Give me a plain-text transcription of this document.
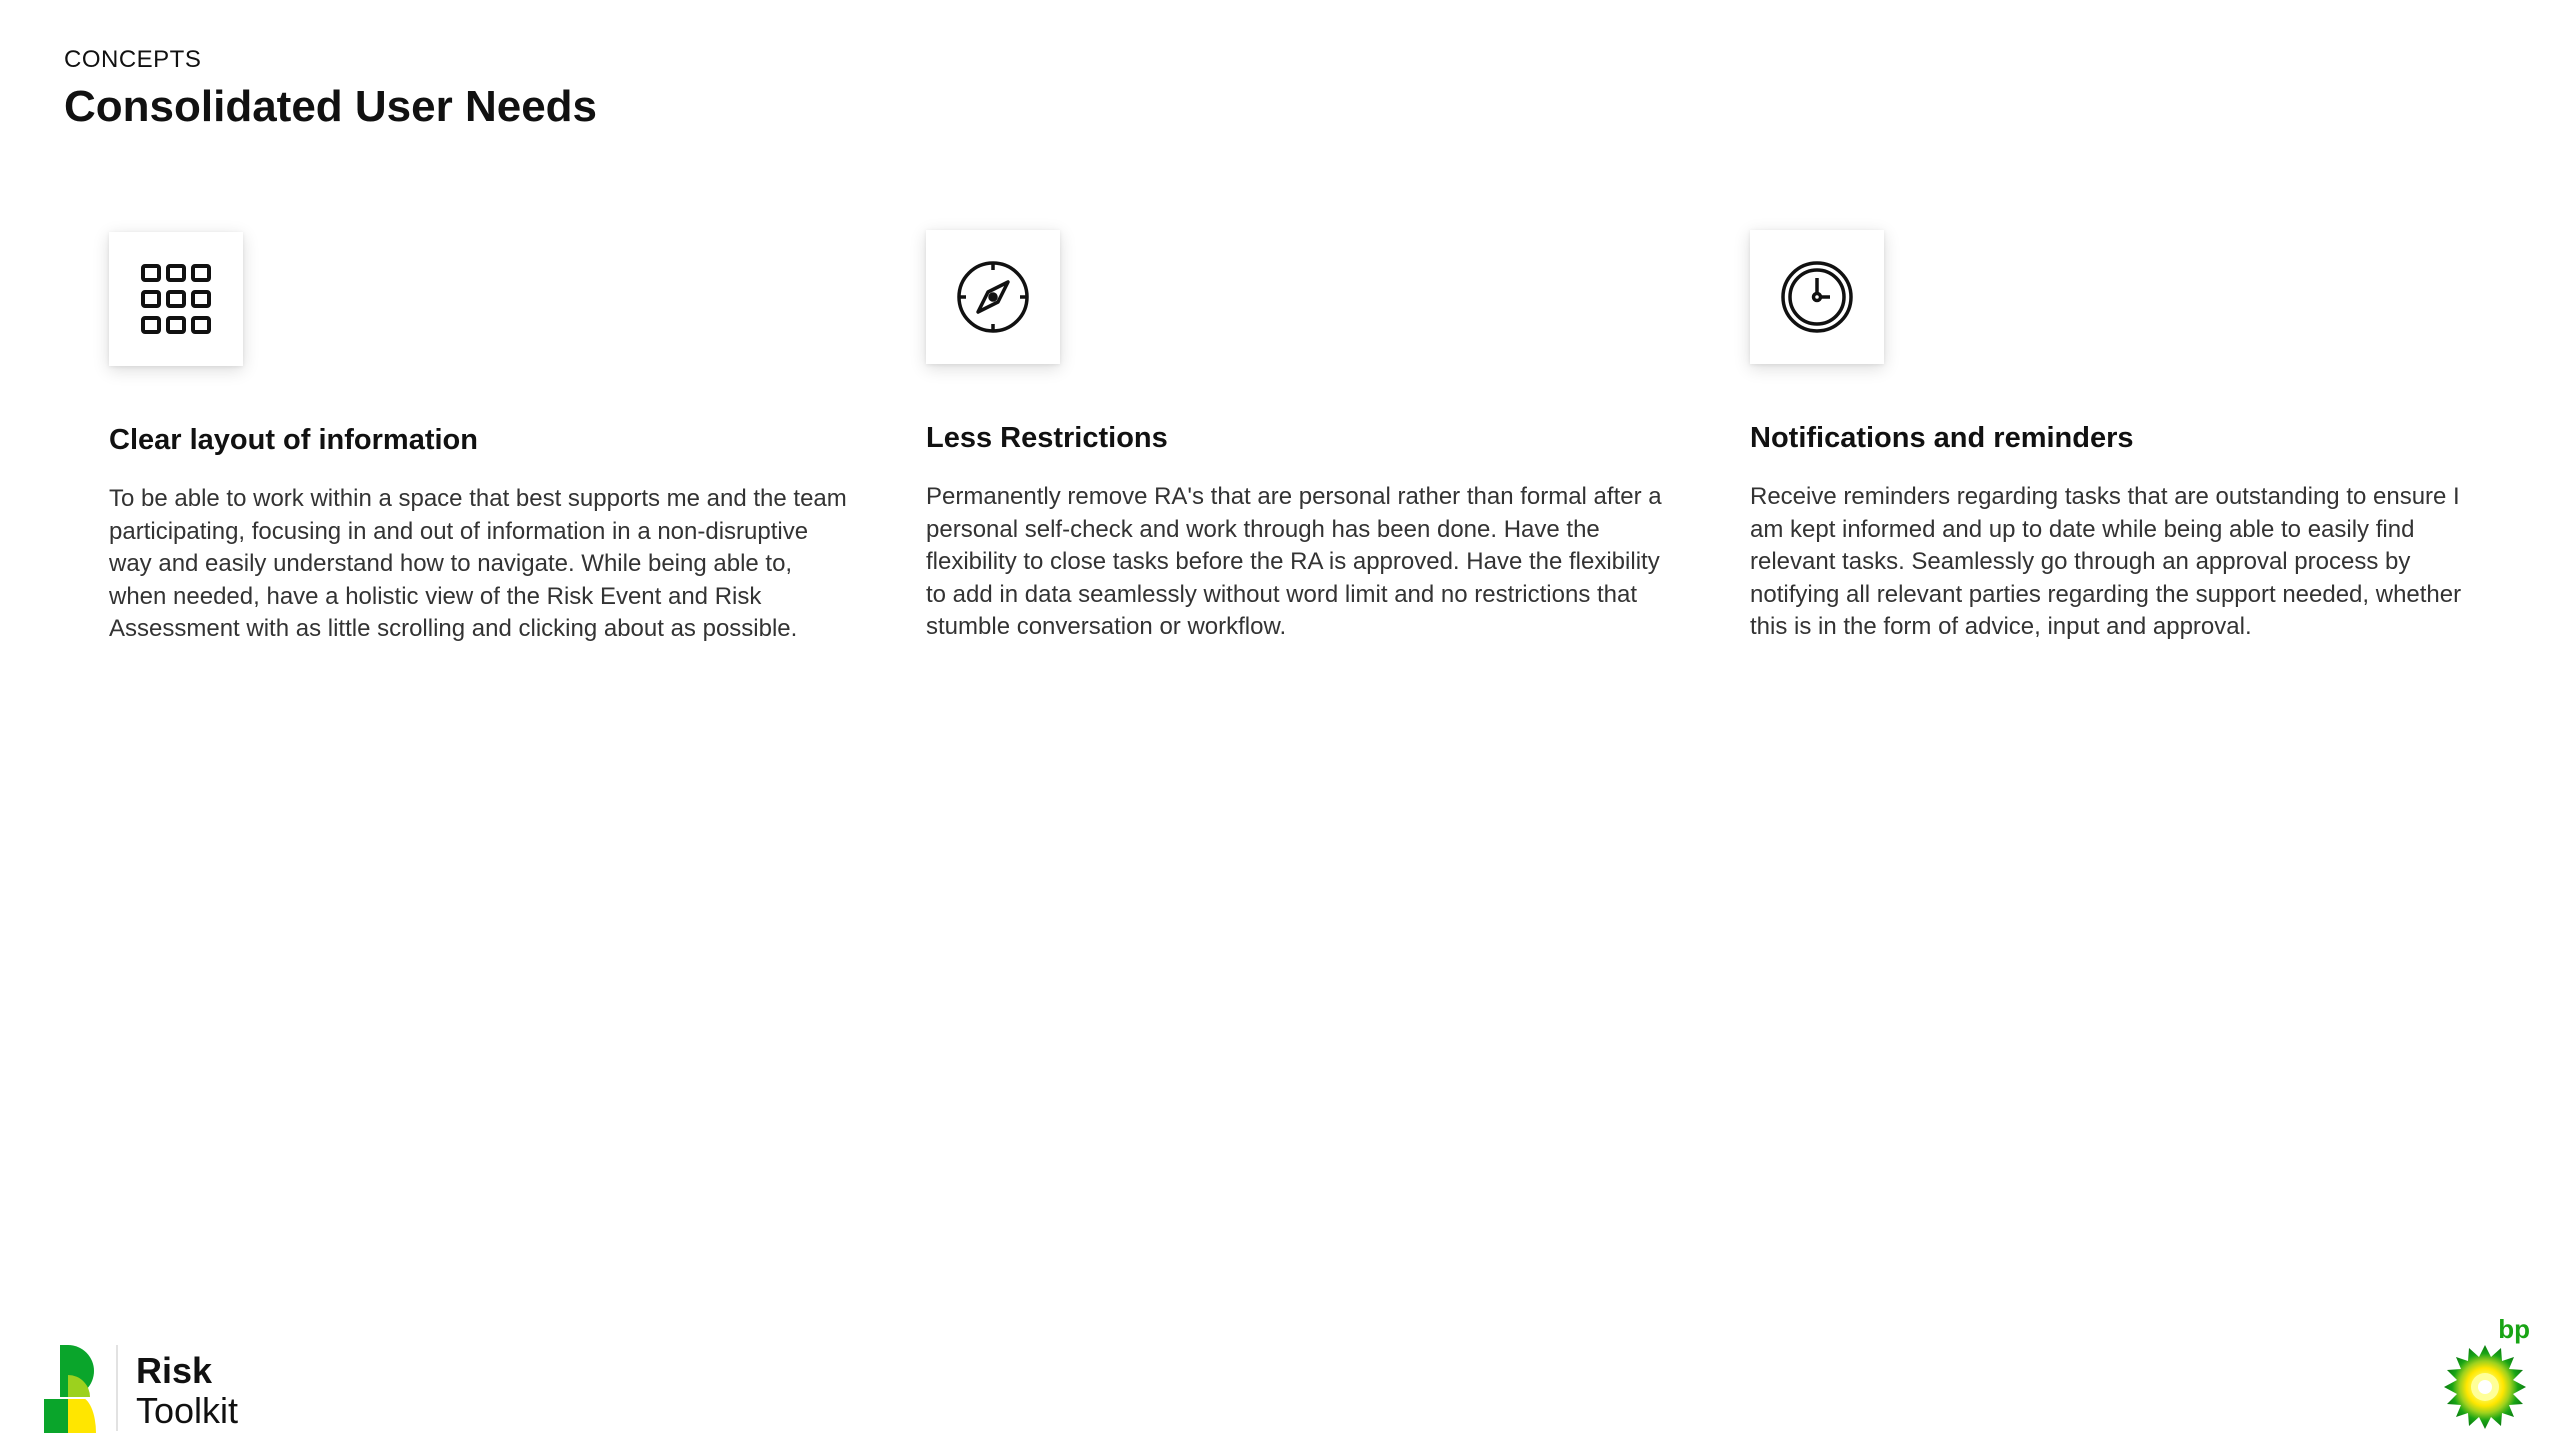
CONCEPTS
Consolidated User Needs
Clear layout of information

To be able to work within a space that best supports me and the team participating, focusing in and out of information in a non-disruptive way and easily understand how to navigate. While being able to, when needed, have a holistic view of the Risk Event and Risk Assessment with as little scrolling and clicking about as possible.

Less Restrictions

Permanently remove RA's that are personal rather than formal after a personal self-check and work through has been done. Have the flexibility to close tasks before the RA is approved. Have the flexibility to add in data seamlessly without word limit and no restrictions that stumble conversation or workflow.

Notifications and reminders

Receive reminders regarding tasks that are outstanding to ensure I am kept informed and up to date while being able to easily find relevant tasks. Seamlessly go through an approval process by notifying all relevant parties regarding the support needed, whether this is in the form of advice, input and approval.

Risk
Toolkit
bp
